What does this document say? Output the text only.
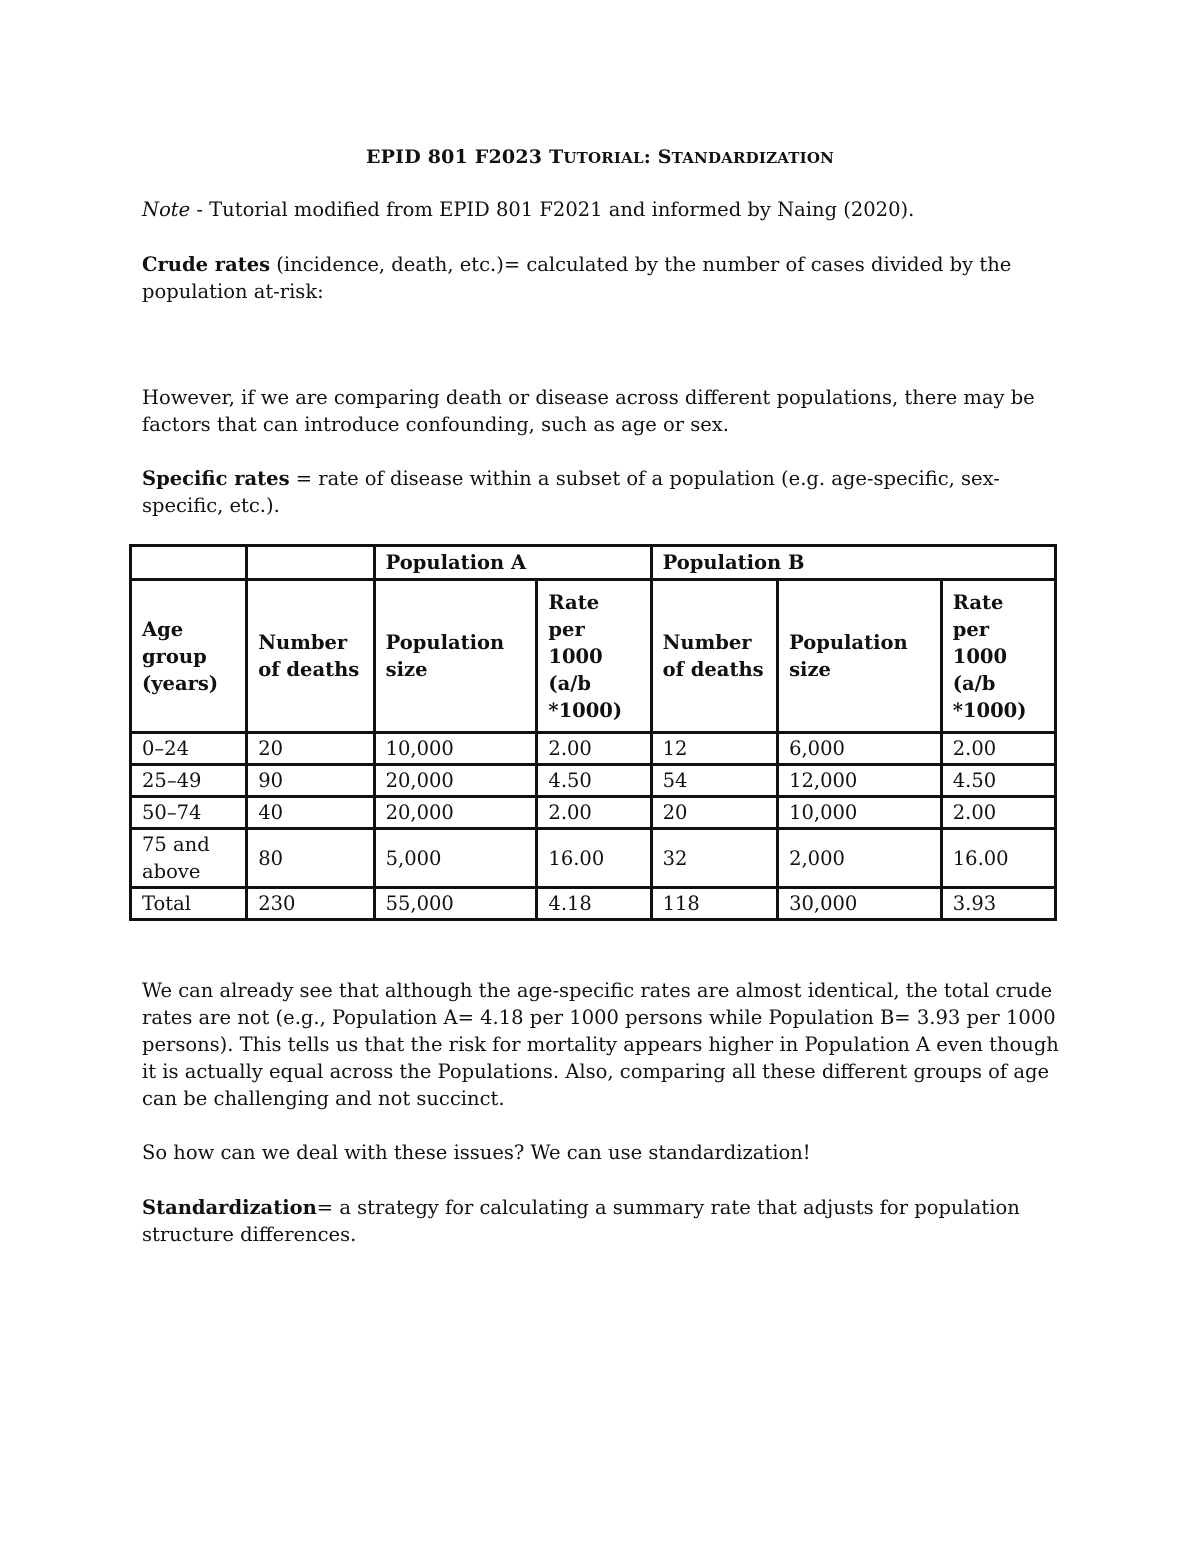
EPID 801 F2023 TUTORIAL: STANDARDIZATION

Note - Tutorial modified from EPID 801 F2021 and informed by Naing (2020).

Crude rates (incidence, death, etc.)= calculated by the number of cases divided by the population at-risk:

However, if we are comparing death or disease across different populations, there may be factors that can introduce confounding, such as age or sex.

Specific rates = rate of disease within a subset of a population (e.g. age-specific, sex-specific, etc.).

		Population A		Population B		
Age group (years)	Number of deaths	Population size	Rate per 1000 (a/b *1000)	Number of deaths	Population size	Rate per 1000 (a/b *1000)
0–24	20	10,000	2.00	12	6,000	2.00
25–49	90	20,000	4.50	54	12,000	4.50
50–74	40	20,000	2.00	20	10,000	2.00
75 and above	80	5,000	16.00	32	2,000	16.00
Total	230	55,000	4.18	118	30,000	3.93

We can already see that although the age-specific rates are almost identical, the total crude rates are not (e.g., Population A= 4.18 per 1000 persons while Population B= 3.93 per 1000 persons). This tells us that the risk for mortality appears higher in Population A even though it is actually equal across the Populations. Also, comparing all these different groups of age can be challenging and not succinct.

So how can we deal with these issues? We can use standardization!

Standardization= a strategy for calculating a summary rate that adjusts for population structure differences.
